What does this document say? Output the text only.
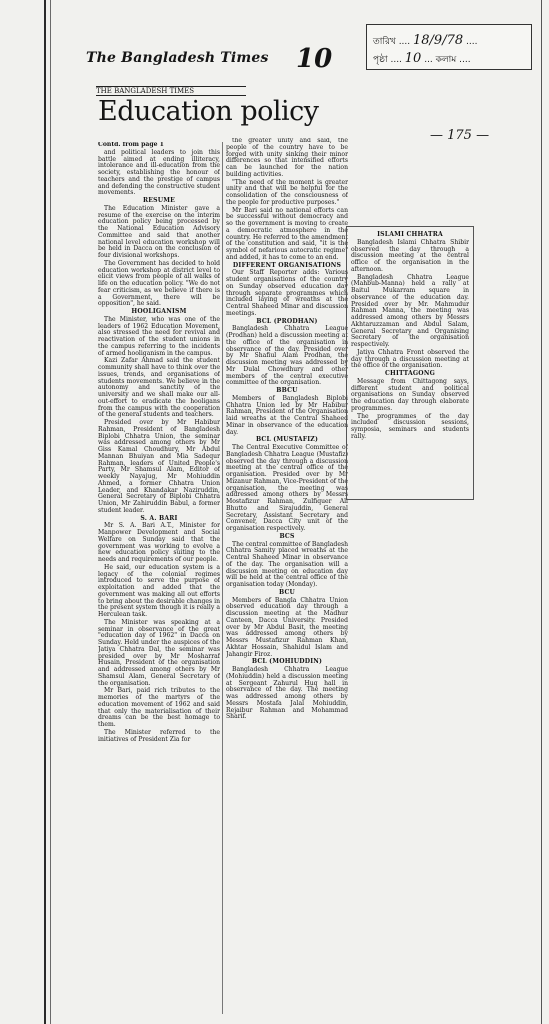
The Bangladesh Times 10
তারিখ .... 18/9/78 ....
পৃষ্ঠা .... 10 ... কলাম ....
— 175 —
THE BANGLADESH TIMES
Education policy

Contd. from page 1

and political leaders to join this battle aimed at ending illiteracy, intolerance and ill-education from the society, establishing the honour of teachers and the prestige of campus and defending the constructive student movements.

RESUME

The Education Minister gave a resume of the exercise on the interim education policy being processed by the National Education Advisory Committee and said that another national level education workshop will be held in Dacca on the conclusion of four divisional workshops.

The Government has decided to hold education workshop at district level to elicit views from people of all walks of life on the education policy. "We do not fear criticism, as we believe if there is a Government, there will be opposition", he said.

HOOLIGANISM

The Minister, who was one of the leaders of 1962 Education Movement, also stressed the need for revival and reactivation of the student unions in the campus referring to the incidents of armed hooliganism in the campus.

Kazi Zafar Ahmad said the student community shall have to think over the issues, trends, and organisations of students movements. We believe in the autonomy and sanctity of the university and we shall make our all-out-effort to eradicate the hooligans from the campus with the cooperation of the general students and teachers.

Presided over by Mr Habibur Rahman, President of Bangladesh Biplobi Chhatra Union, the seminar was addressed among others by Mr Giss Kamal Choudhury, Mr Abdul Mannan Bhuiyan and Mia Sadequr Rahman, leaders of United People's Party, Mr Shamsul Alam, Editor of weekly Nayajug, Mr Mohiuddin Ahmed, a former Chhatra Union Leader, and Khandakar Naziruddin, General Secretary of Biplobi Chhatra Union, Mr Zahiruddin Babul, a former student leader.

S. A. BARI

Mr S. A. Bari A.T., Minister for Manpower Development and Social Welfare on Sunday said that the government was working to evolve a new education policy suiting to the needs and requirements of our people.

He said, our education system is a legacy of the colonial regimes introduced to serve the purpose of exploitation and added that the government was making all out efforts to bring about the desirable changes in the present system though it is really a Herculean task.

The Minister was speaking at a seminar in observance of the great "education day of 1962" in Dacca on Sunday. Held under the auspices of the Jatiya Chhatra Dal, the seminar was presided over by Mr Mosharraf Husain, President of the organisation and addressed among others by Mr Shamsul Alam, General Secretary of the organisation.

Mr Bari, paid rich tributes to the memories of the martyrs of the education movement of 1962 and said that only the materialisation of their dreams can be the best homage to them.

The Minister referred to the initiatives of President Zia for

the greater unity and said, the people of the country have to be forged with unity sinking their minor differences so that intensified efforts can be launched for the nation building activities.

"The need of the moment is greater unity and that will be helpful for the consolidation of the consciousness of the people for productive purposes."

Mr Bari said no national efforts can be successful without democracy and so the government is moving to create a democratic atmosphere in the country. He referred to the amendment of the constitution and said, "it is the symbol of nefarious autocratic regime" and added, it has to come to an end.

DIFFERENT ORGANISATIONS

Our Staff Reporter adds: Various student organisations of the country on Sunday observed education day through separate programmes which included laying of wreaths at the Central Shaheed Minar and discussion meetings.

BCL (PRODHAN)

Bangladesh Chhatra League (Prodhan) held a discussion meeting at the office of the organisation in observance of the day. Presided over by Mr Shafiul Alam Prodhan, the discussion meeting was addressed by Mr Dulal Chowdhury and other members of the central executive committee of the organisation.

BBCU

Members of Bangladesh Biplobi Chhatra Union led by Mr Habibur Rahman, President of the Organisation laid wreaths at the Central Shaheed Minar in observance of the education day.

BCL (MUSTAFIZ)

The Central Executive Committee of Bangladesh Chhatra League (Mustafiz) observed the day through a discussion meeting at the central office of the organisation. Presided over by Mr Mizanur Rahman, Vice-President of the organisation, the meeting was addressed among others by Messrs Mostafizur Rahman, Zulfiquer Ali Bhutto and Sirajuddin, General Secretary, Assistant Secretary and Convener, Dacca City unit of the organisation respectively.

BCS

The central committee of Bangladesh Chhatra Samity placed wreaths at the Central Shaheed Minar in observance of the day. The organisation will a discussion meeting on education day will be held at the central office of the organisation today (Monday).

BCU

Members of Bangla Chhatra Union observed education day through a discussion meeting at the Madhur Canteen, Dacca University. Presided over by Mr Abdul Basit, the meeting was addressed among others by Messrs Mustafizur Rahman Khan, Akhtar Hossain, Shahidul Islam and Jahangir Firoz.

BCL (MOHIUDDIN)

Bangladesh Chhatra League (Mohiuddin) held a discussion meeting at Sergeant Zahurul Huq hall in observance of the day. The meeting was addressed among others by Messrs Mostafa Jalal Mohiuddin, Rejaibur Rahman and Mohammad Sharif.

ISLAMI CHHATRA

Bangladesh Islami Chhatra Shibir observed the day through a discussion meeting at the central office of the organisation in the afternoon.

Bangladesh Chhatra League (Mahbub-Manna) held a rally at Baitul Mukarram square in observance of the education day. Presided over by Mr. Mahmudur Rahman Manna, the meeting was addressed among others by Messrs Akhtaruzzaman and Abdul Salam, General Secretary and Organising Secretary of the organisation respectively.

Jatiya Chhatra Front observed the day through a discussion meeting at the office of the organisation.

CHITTAGONG

Message from Chittagong says, different student and political organisations on Sunday observed the education day through elaborate programmes.

The programmes of the day included discussion sessions, symposia, seminars and students rally.
